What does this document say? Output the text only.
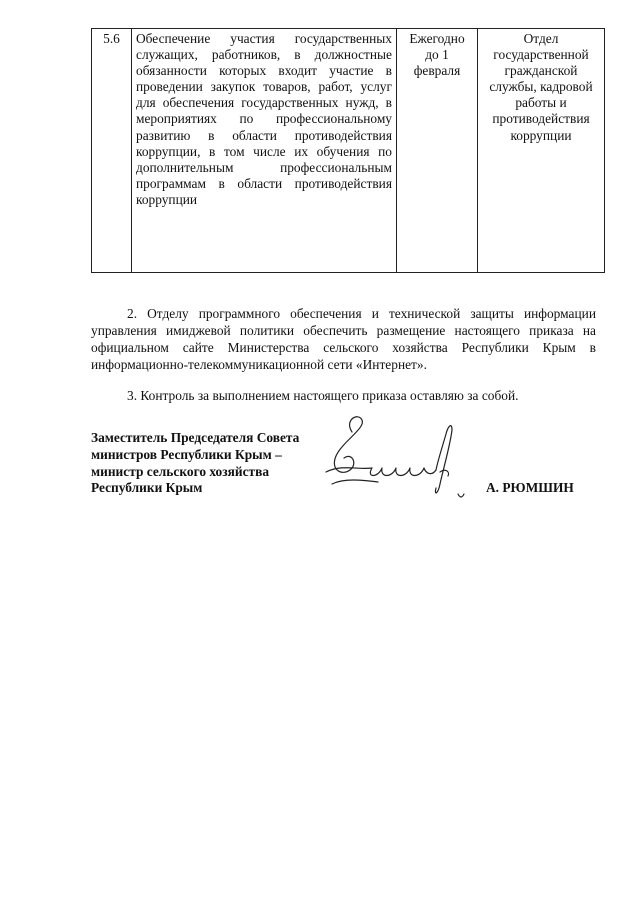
5.6	Обеспечение участия государственных служащих, работников, в должностные обязанности которых входит участие в проведении закупок товаров, работ, услуг для обеспечения государственных нужд, в мероприятиях по профессиональному развитию в области противодействия коррупции, в том числе их обучения по дополнительным профессиональным программам в области противодействия коррупции	Ежегодно до 1 февраля	Отдел государственной гражданской службы, кадровой работы и противодействия коррупции

2. Отделу программного обеспечения и технической защиты информации управления имиджевой политики обеспечить размещение настоящего приказа на официальном сайте Министерства сельского хозяйства Республики Крым в информационно-телекоммуникационной сети «Интернет».

3. Контроль за выполнением настоящего приказа оставляю за собой.

Заместитель Председателя Совета министров Республики Крым – министр сельского хозяйства Республики Крым	А. РЮМШИН
